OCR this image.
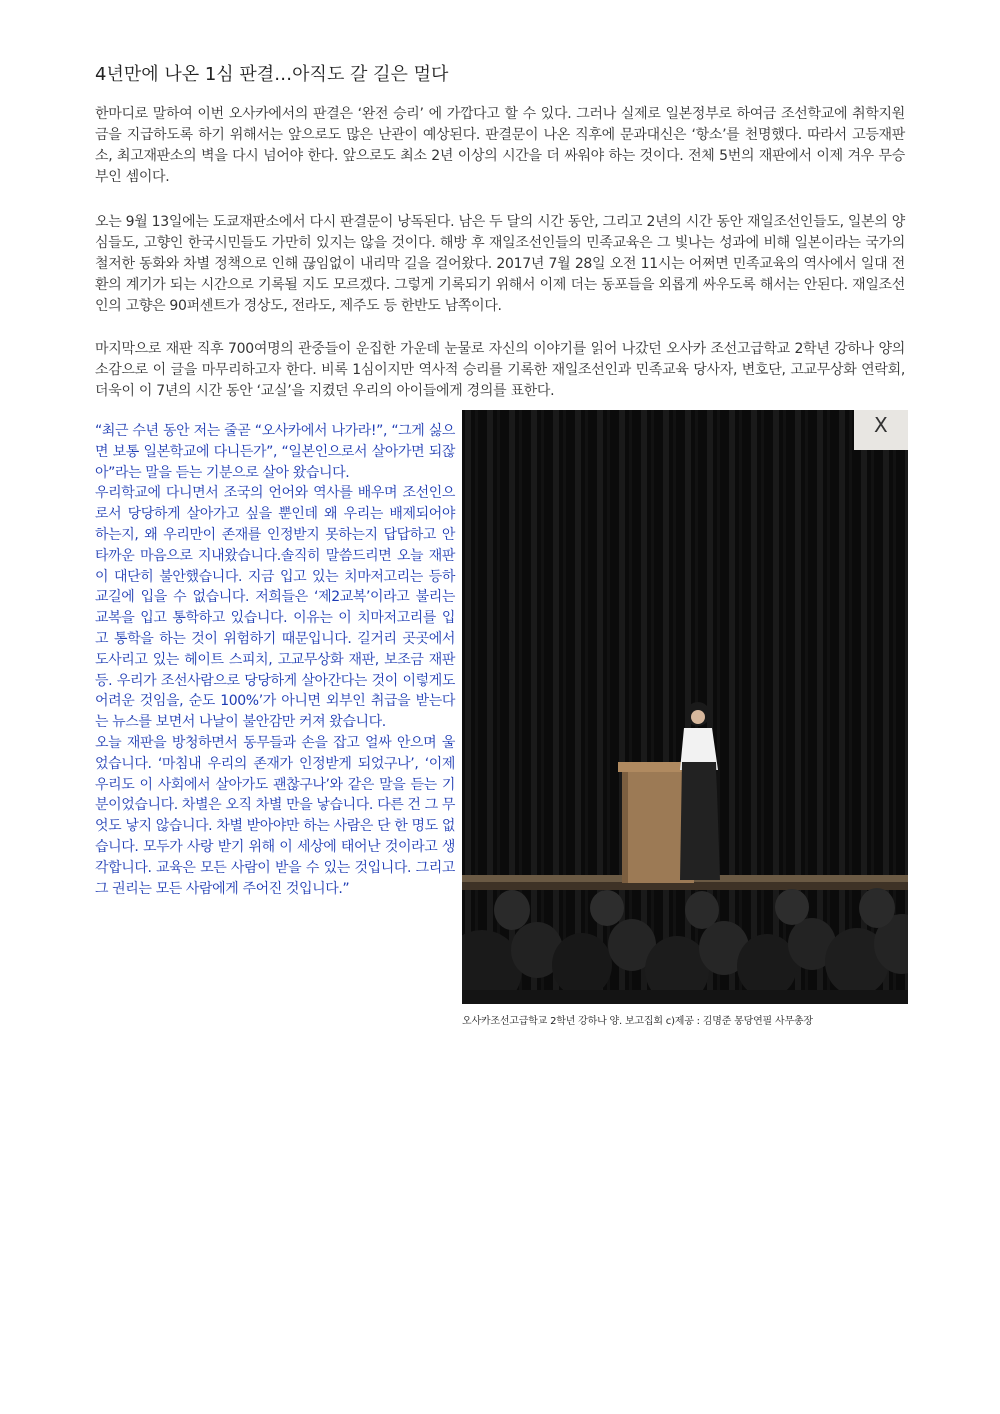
4년만에 나온 1심 판결…아직도 갈 길은 멀다

한마디로 말하여 이번 오사카에서의 판결은 ‘완전 승리’ 에 가깝다고 할 수 있다. 그러나 실제로 일본정부로 하여금 조선학교에 취학지원금을 지급하도록 하기 위해서는 앞으로도 많은 난관이 예상된다. 판결문이 나온 직후에 문과대신은 ‘항소’를 천명했다. 따라서 고등재판소, 최고재판소의 벽을 다시 넘어야 한다. 앞으로도 최소 2년 이상의 시간을 더 싸워야 하는 것이다. 전체 5번의 재판에서 이제 겨우 무승부인 셈이다.

오는 9월 13일에는 도쿄재판소에서 다시 판결문이 낭독된다. 남은 두 달의 시간 동안, 그리고 2년의 시간 동안 재일조선인들도, 일본의 양심들도, 고향인 한국시민들도 가만히 있지는 않을 것이다. 해방 후 재일조선인들의 민족교육은 그 빛나는 성과에 비해 일본이라는 국가의 철저한 동화와 차별 정책으로 인해 끊임없이 내리막 길을 걸어왔다. 2017년 7월 28일 오전 11시는 어쩌면 민족교육의 역사에서 일대 전환의 계기가 되는 시간으로 기록될 지도 모르겠다. 그렇게 기록되기 위해서 이제 더는 동포들을 외롭게 싸우도록 해서는 안된다. 재일조선인의 고향은 90퍼센트가 경상도, 전라도, 제주도 등 한반도 남쪽이다.

마지막으로 재판 직후 700여명의 관중들이 운집한 가운데 눈물로 자신의 이야기를 읽어 나갔던 오사카 조선고급학교 2학년 강하나 양의 소감으로 이 글을 마무리하고자 한다. 비록 1심이지만 역사적 승리를 기록한 재일조선인과 민족교육 당사자, 변호단, 고교무상화 연락회, 더욱이 이 7년의 시간 동안 ‘교실’을 지켰던 우리의 아이들에게 경의를 표한다.

“최근 수년 동안 저는 줄곧 “오사카에서 나가라!”, “그게 싫으면 보통 일본학교에 다니든가”, “일본인으로서 살아가면 되잖아”라는 말을 듣는 기분으로 살아 왔습니다.

우리학교에 다니면서 조국의 언어와 역사를 배우며 조선인으로서 당당하게 살아가고 싶을 뿐인데 왜 우리는 배제되어야 하는지, 왜 우리만이 존재를 인정받지 못하는지 답답하고 안타까운 마음으로 지내왔습니다.솔직히 말씀드리면 오늘 재판이 대단히 불안했습니다. 지금 입고 있는 치마저고리는 등하교길에 입을 수 없습니다. 저희들은 ‘제2교복’이라고 불리는 교복을 입고 통학하고 있습니다. 이유는 이 치마저고리를 입고 통학을 하는 것이 위험하기 때문입니다. 길거리 곳곳에서 도사리고 있는 헤이트 스피치, 고교무상화 재판, 보조금 재판 등. 우리가 조선사람으로 당당하게 살아간다는 것이 이렇게도 어려운 것임을, 순도 100%’가 아니면 외부인 취급을 받는다는 뉴스를 보면서 나날이 불안감만 커져 왔습니다.

오늘 재판을 방청하면서 동무들과 손을 잡고 얼싸 안으며 울었습니다. ‘마침내 우리의 존재가 인정받게 되었구나’, ‘이제 우리도 이 사회에서 살아가도 괜찮구나’와 같은 말을 듣는 기분이었습니다. 차별은 오직 차별 만을 낳습니다. 다른 건 그 무엇도 낳지 않습니다. 차별 받아야만 하는 사람은 단 한 명도 없습니다. 모두가 사랑 받기 위해 이 세상에 태어난 것이라고 생각합니다. 교육은 모든 사람이 받을 수 있는 것입니다. 그리고 그 권리는 모든 사람에게 주어진 것입니다.”

X

오사카조선고급학교 2학년 강하나 양. 보고집회 c)제공 : 김명준 몽당연필 사무총장
